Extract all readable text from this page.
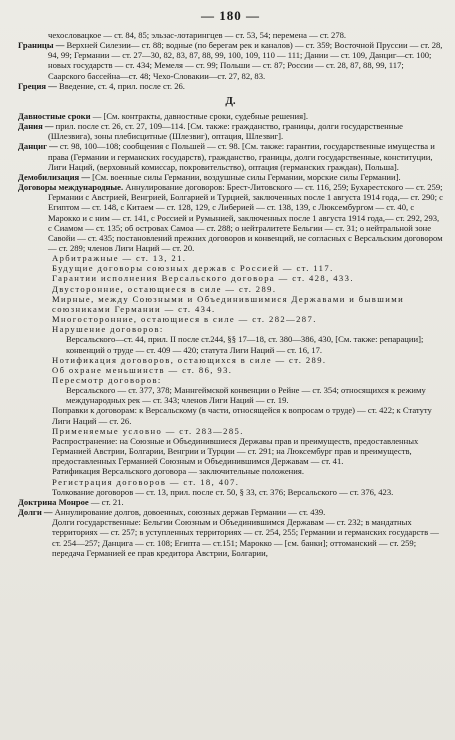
— 180 —

чехословацкое — ст. 84, 85; эльзас-лотарингцев — ст. 53, 54; перемена — ст. 278.

Границы — Верхней Силезии— ст. 88; водные (по берегам рек и каналов) — ст. 359; Восточной Пруссии — ст. 28, 94, 99; Германии — ст. 27—30, 82, 83, 87, 88, 99, 100, 109, 110 — 111; Дании — ст. 109, Данциг—ст. 100; новых государств — ст. 434; Мемеля — ст. 99; Польши — ст. 87; России — ст. 28, 87, 88, 99, 117; Саарского бассейна—ст. 48; Чехо-Словакии—ст. 27, 82, 83.

Греция — Введение, ст. 4, прил. после ст. 26.

Д.

Давностные сроки — [См. контракты, давностные сроки, судебные решения].

Дания — прил. после ст. 26, ст. 27, 109—114. [См. также: гражданство, границы, долги государственные (Шлезвига), зоны плебисцитные (Шлезвиг), оптация, Шлезвиг].

Данциг — ст. 98, 100—108; сообщения с Польшей — ст. 98. [См. также: гарантии, государственные имущества и права (Германии и германских государств), гражданство, границы, долги государственные, конституции, Лиги Наций, (верховный комиссар, покровительство), оптация (германских граждан), Польша].

Демобилизация — [См. военные силы Германии, воздушные силы Германии, морские силы Германии].

Договоры международные. Аннулирование договоров: Брест-Литовского — ст. 116, 259; Бухарестского — ст. 259; Германии с Австрией, Венгрией, Болгарией и Турцией, заключенных после 1 августа 1914 года,— ст. 290; с Египтом — ст. 148, с Китаем — ст. 128, 129, с Либерией — ст. 138, 139, с Люксембургом — ст. 40, с Марокко и с ним — ст. 141, с Россией и Румынией, заключенных после 1 августа 1914 года,— ст. 292, 293, с Сиамом — ст. 135; об островах Самоа — ст. 288; о нейтралитете Бельгии — ст. 31; о нейтральной зоне Савойи — ст. 435; постановлений прежних договоров и конвенций, не согласных с Версальским договором — ст. 289; членов Лиги Наций — ст. 20.

Арбитражные — ст. 13, 21.

Будущие договоры союзных держав с Россией — ст. 117.

Гарантии исполнения Версальского договора — ст. 428, 433.

Двусторонние, остающиеся в силе — ст. 289.

Мирные, между Союзными и Объединившимися Державами и бывшими союзниками Германии — ст. 434.

Многосторонние, остающиеся в силе — ст. 282—287.

Нарушение договоров:

Версальского—ст. 44, прил. II после ст.244, §§ 17—18, ст. 380—386, 430, [См. также: репарации]; конвенций о труде — ст. 409 — 420; статута Лиги Наций — ст. 16, 17.

Нотификация договоров, остающихся в силе — ст. 289.

Об охране меньшинств — ст. 86, 93.

Пересмотр договоров:

Версальского — ст. 377, 378; Маннгеймской конвенции о Рейне — ст. 354; относящихся к режиму международных рек — ст. 343; членов Лиги Наций — ст. 19.

Поправки к договорам: к Версальскому (в части, относящейся к вопросам о труде) — ст. 422; к Статуту Лиги Наций — ст. 26.

Применяемые условно — ст. 283—285.

Распространение: на Союзные и Объединившиеся Державы прав и преимуществ, предоставленных Германией Австрии, Болгарии, Венгрии и Турции — ст. 291; на Люксембург прав и преимуществ, предоставленных Германией Союзным и Объединившимся Державам — ст. 41.

Ратификация Версальского договора — заключительные положения.

Регистрация договоров — ст. 18, 407.

Толкование договоров — ст. 13, прил. после ст. 50, § 33, ст. 376; Версальского — ст. 376, 423.

Доктрина Монрое — ст. 21.

Долги — Аннулирование долгов, довоенных, союзных держав Германии — ст. 439.

Долги государственные: Бельгии Союзным и Объединившимся Державам — ст. 232; в мандатных территориях — ст. 257; в уступленных территориях — ст. 254, 255; Германии и германских государств — ст. 254—257; Данцига — ст. 108; Египта — ст.151; Марокко — [см. банки]; оттоманский — ст. 259; передача Германией ее прав кредитора Австрии, Болгарии,
